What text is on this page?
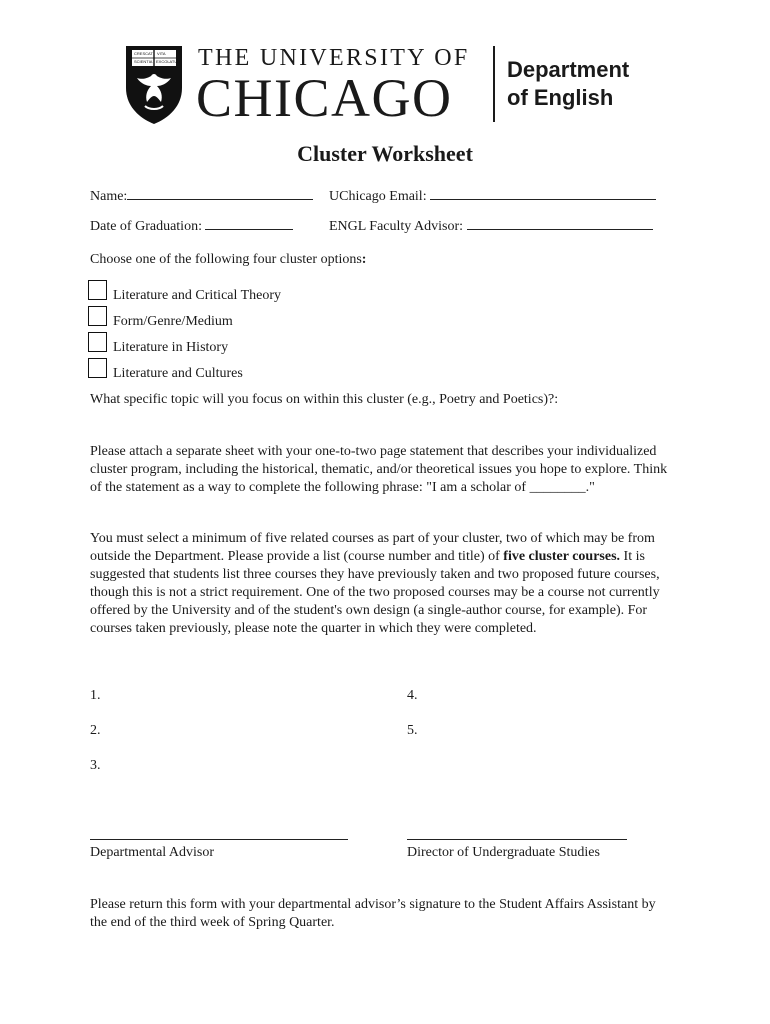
CRESCAT
SCIENTIA
VITA
EXCOLATUR THE UNIVERSITY OF
CHICAGO Department
of English
Cluster Worksheet
Name:	UChicago Email:
Date of Graduation:	ENGL Faculty Advisor:
Choose one of the following four cluster options:
Literature and Critical Theory
Form/Genre/Medium
Literature in History
Literature and Cultures
What specific topic will you focus on within this cluster (e.g., Poetry and Poetics)?:

Please attach a separate sheet with your one-to-two page statement that describes your individualized cluster program, including the historical, thematic, and/or theoretical issues you hope to explore. Think of the statement as a way to complete the following phrase: "I am a scholar of ________."

You must select a minimum of five related courses as part of your cluster, two of which may be from outside the Department. Please provide a list (course number and title) of five cluster courses. It is suggested that students list three courses they have previously taken and two proposed future courses, though this is not a strict requirement. One of the two proposed courses may be a course not currently offered by the University and of the student's own design (a single-author course, for example). For courses taken previously, please note the quarter in which they were completed.

1.
2.
3.
4.
5.
Departmental Advisor	Director of Undergraduate Studies

Please return this form with your departmental advisor’s signature to the Student Affairs Assistant by the end of the third week of Spring Quarter.
